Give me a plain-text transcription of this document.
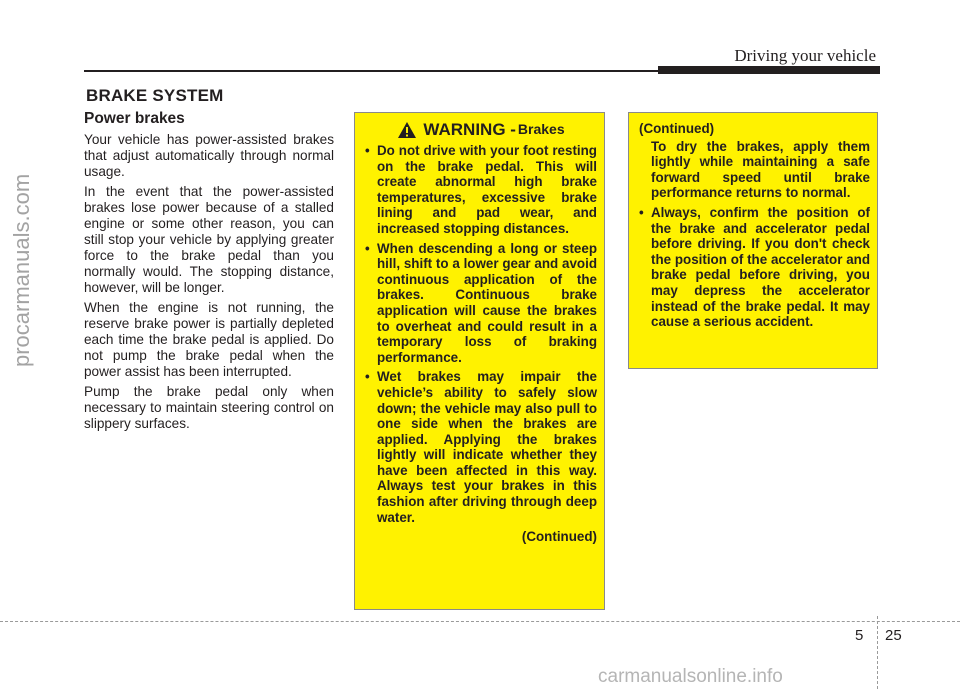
procarmanuals.com
Driving your vehicle
BRAKE SYSTEM
Power brakes

Your vehicle has power-assisted brakes that adjust automatically through normal usage.

In the event that the power-assisted brakes lose power because of a stalled engine or some other reason, you can still stop your vehicle by applying greater force to the brake pedal than you normally would. The stopping distance, however, will be longer.

When the engine is not running, the reserve brake power is partially depleted each time the brake pedal is applied. Do not pump the brake pedal when the power assist has been interrupted.

Pump the brake pedal only when necessary to maintain steering control on slippery surfaces.

WARNING - Brakes
• Do not drive with your foot resting on the brake pedal. This will create abnormal high brake temperatures, excessive brake lining and pad wear, and increased stopping distances.
• When descending a long or steep hill, shift to a lower gear and avoid continuous application of the brakes. Continuous brake application will cause the brakes to overheat and could result in a temporary loss of braking performance.
• Wet brakes may impair the vehicle’s ability to safely slow down; the vehicle may also pull to one side when the brakes are applied. Applying the brakes lightly will indicate whether they have been affected in this way. Always test your brakes in this fashion after driving through deep water.
(Continued)
(Continued)
To dry the brakes, apply them lightly while maintaining a safe forward speed until brake performance returns to normal.
• Always, confirm the position of the brake and accelerator pedal before driving. If you don't check the position of the accelerator and brake pedal before driving, you may depress the accelerator instead of the brake pedal. It may cause a serious accident.
5 25
carmanualsonline.info
